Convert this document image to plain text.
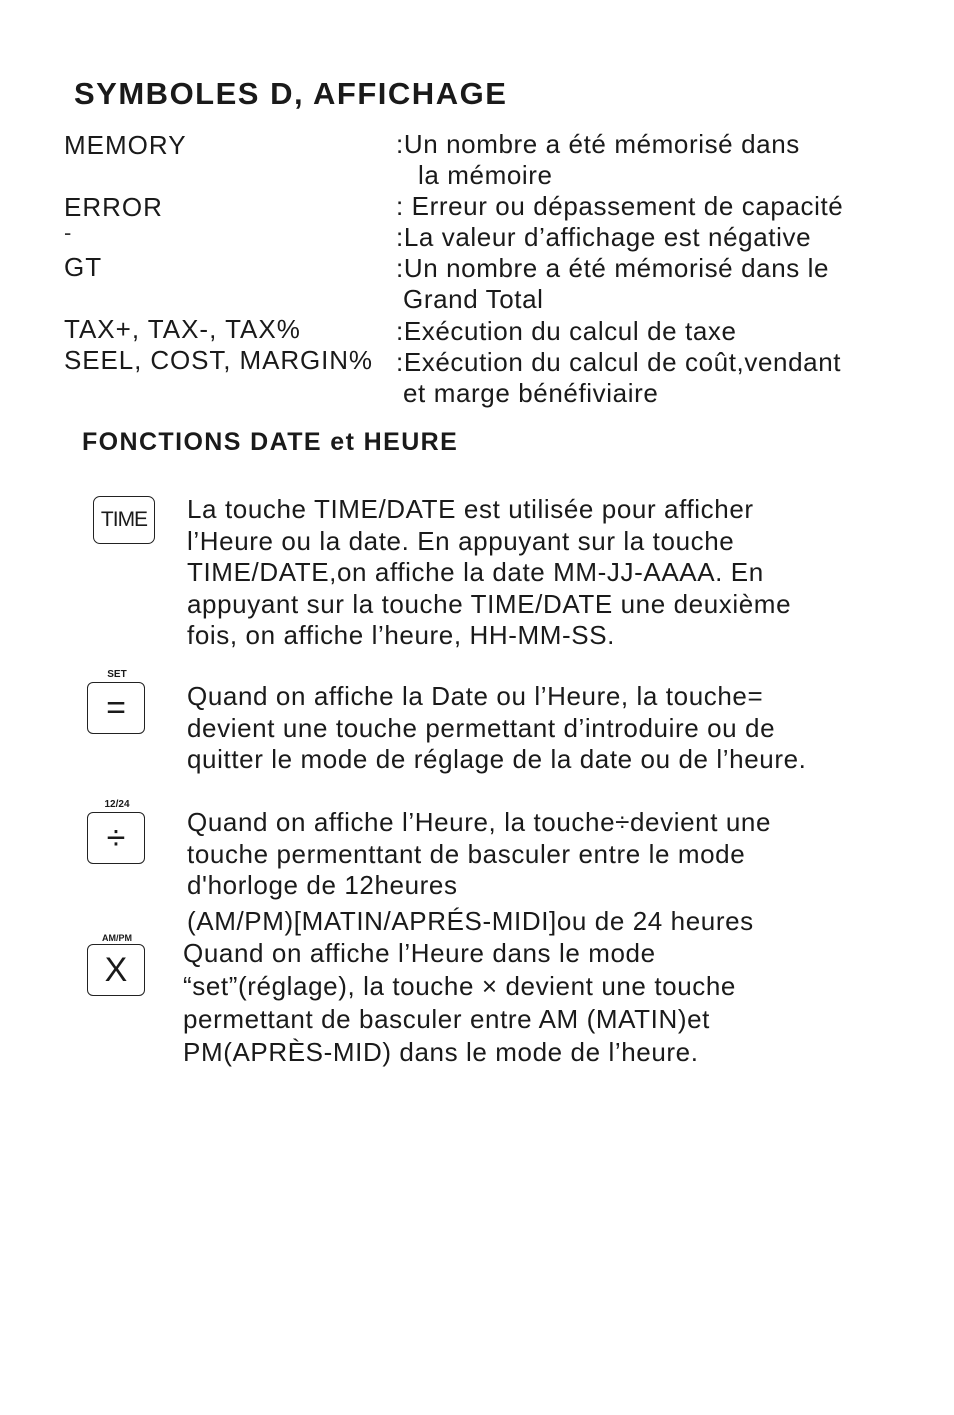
SYMBOLES D, AFFICHAGE
MEMORY	:Un nombre a été mémorisé dans
la mémoire
ERROR	: Erreur ou dépassement de capacité
-	:La valeur d’affichage est négative
GT	:Un nombre a été mémorisé dans le
Grand Total
TAX+, TAX-, TAX%	:Exécution du calcul de taxe
SEEL, COST, MARGIN% :Exécution du calcul de coût,vendant
et marge bénéfiviaire
FONCTIONS DATE et HEURE
TIME La touche TIME/DATE est utilisée pour afficher
l’Heure ou la date. En appuyant sur la touche
TIME/DATE,on affiche la date MM-JJ-AAAA. En
appuyant sur la touche TIME/DATE une deuxième
fois, on affiche l’heure, HH-MM-SS.
SET
= Quand on affiche la Date ou l’Heure, la touche=
devient une touche permettant d’introduire ou de
quitter le mode de réglage de la date ou de l’heure.
12/24
÷ Quand on affiche l’Heure, la touche÷devient une
touche permenttant de basculer entre le mode
d'horloge de 12heures
(AM/PM)[MATIN/APRÉS-MIDI]ou de 24 heures
AM/PM
X Quand on affiche l’Heure dans le mode
“set”(réglage), la touche × devient une touche
permettant de basculer entre AM (MATIN)et
PM(APRÈS-MID) dans le mode de l’heure.
